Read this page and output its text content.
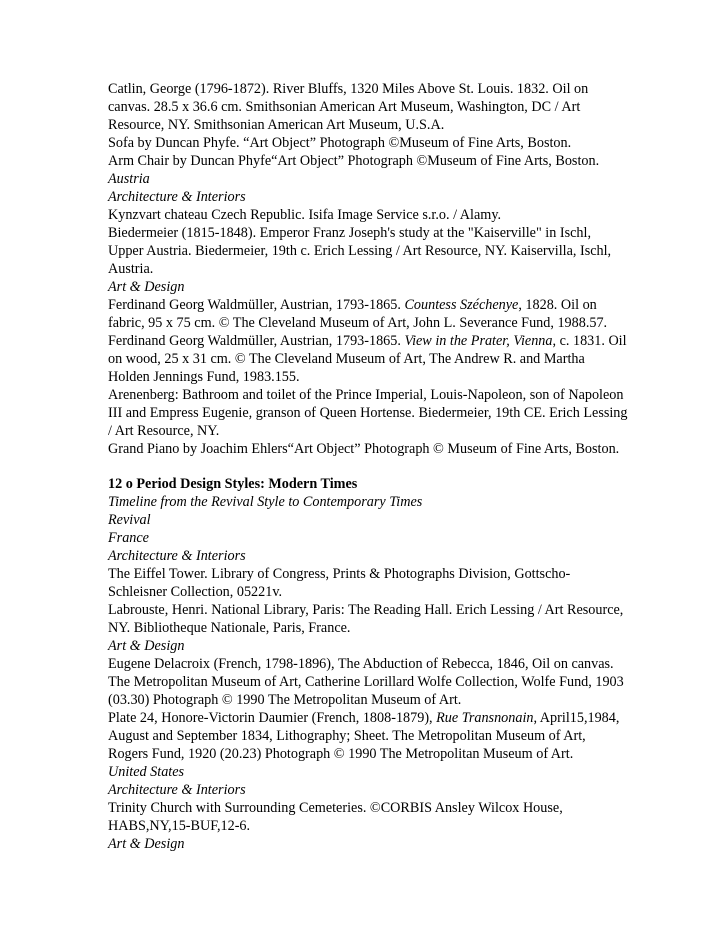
Catlin, George (1796-1872). River Bluffs, 1320 Miles Above St. Louis. 1832. Oil on canvas. 28.5 x 36.6 cm. Smithsonian American Art Museum, Washington, DC / Art Resource, NY. Smithsonian American Art Museum, U.S.A.

Sofa by Duncan Phyfe. “Art Object” Photograph ©Museum of Fine Arts, Boston.

Arm Chair by Duncan Phyfe“Art Object” Photograph ©Museum of Fine Arts, Boston.

Austria

Architecture & Interiors

Kynzvart chateau Czech Republic. Isifa Image Service s.r.o. / Alamy.

Biedermeier (1815-1848). Emperor Franz Joseph's study at the "Kaiserville" in Ischl, Upper Austria. Biedermeier, 19th c. Erich Lessing / Art Resource, NY. Kaiservilla, Ischl, Austria.

Art & Design

Ferdinand Georg Waldmüller, Austrian, 1793-1865. Countess Széchenye, 1828. Oil on fabric, 95 x 75 cm. © The Cleveland Museum of Art, John L. Severance Fund, 1988.57.

Ferdinand Georg Waldmüller, Austrian, 1793-1865. View in the Prater, Vienna, c. 1831. Oil on wood, 25 x 31 cm. © The Cleveland Museum of Art, The Andrew R. and Martha Holden Jennings Fund, 1983.155.

Arenenberg: Bathroom and toilet of the Prince Imperial, Louis-Napoleon, son of Napoleon III and Empress Eugenie, granson of Queen Hortense. Biedermeier, 19th CE. Erich Lessing / Art Resource, NY.

Grand Piano by Joachim Ehlers“Art Object” Photograph © Museum of Fine Arts, Boston.

12 o Period Design Styles: Modern Times

Timeline from the Revival Style to Contemporary Times

Revival

France

Architecture & Interiors

The Eiffel Tower. Library of Congress, Prints & Photographs Division, Gottscho-Schleisner Collection, 05221v.

Labrouste, Henri. National Library, Paris: The Reading Hall. Erich Lessing / Art Resource, NY. Bibliotheque Nationale, Paris, France.

Art & Design

Eugene Delacroix (French, 1798-1896), The Abduction of Rebecca, 1846, Oil on canvas. The Metropolitan Museum of Art, Catherine Lorillard Wolfe Collection, Wolfe Fund, 1903 (03.30) Photograph © 1990 The Metropolitan Museum of Art.

Plate 24, Honore-Victorin Daumier (French, 1808-1879), Rue Transnonain, April15,1984, August and September 1834, Lithography; Sheet. The Metropolitan Museum of Art, Rogers Fund, 1920 (20.23) Photograph © 1990 The Metropolitan Museum of Art.

United States

Architecture & Interiors

Trinity Church with Surrounding Cemeteries. ©CORBIS Ansley Wilcox House, HABS,NY,15-BUF,12-6.

Art & Design
